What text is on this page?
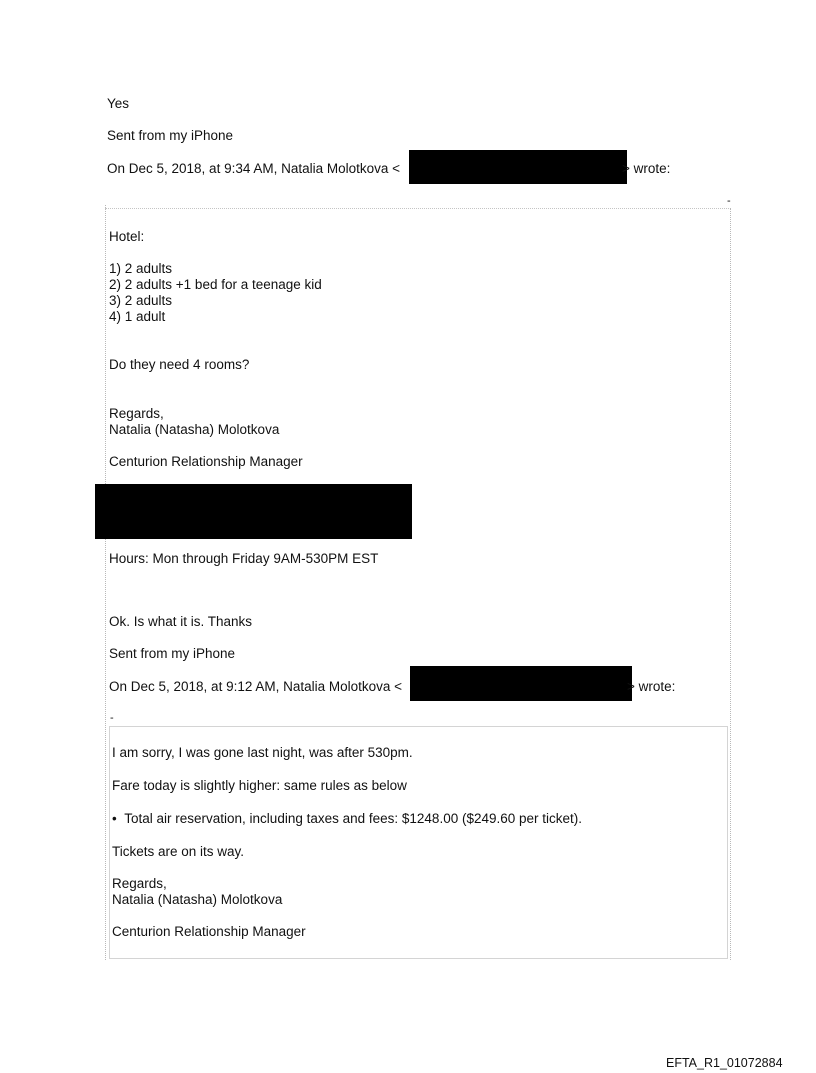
Yes
Sent from my iPhone
On Dec 5, 2018, at 9:34 AM, Natalia Molotkova <	> wrote:
-
Hotel:
1) 2 adults
2) 2 adults +1 bed for a teenage kid
3) 2 adults
4) 1 adult
Do they need 4 rooms?
Regards,
Natalia (Natasha) Molotkova
Centurion Relationship Manager
Hours: Mon through Friday 9AM-530PM EST
Ok. Is what it is. Thanks
Sent from my iPhone
On Dec 5, 2018, at 9:12 AM, Natalia Molotkova <	> wrote:
-
I am sorry, I was gone last night, was after 530pm.
Fare today is slightly higher: same rules as below
• Total air reservation, including taxes and fees: $1248.00 ($249.60 per ticket).
Tickets are on its way.
Regards,
Natalia (Natasha) Molotkova
Centurion Relationship Manager
EFTA_R1_01072884
